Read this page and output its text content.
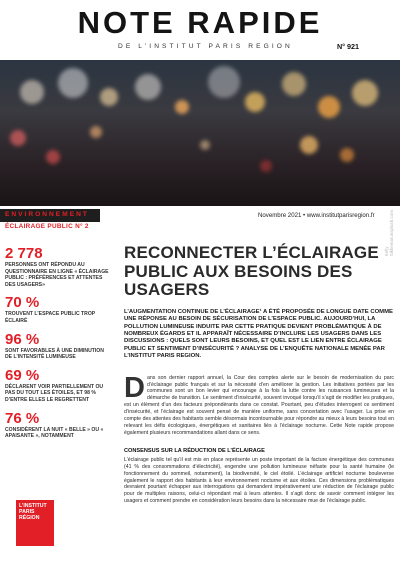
NOTE RAPIDE
DE L’INSTITUT PARIS REGION	N° 921
Kelly Sikkema/unsplash.com
ENVIRONNEMENT	Novembre 2021 • www.institutparisregion.fr
ÉCLAIRAGE PUBLIC N° 2
2 778
PERSONNES ONT RÉPONDU AU QUESTIONNAIRE EN LIGNE « ÉCLAIRAGE PUBLIC : PRÉFÉRENCES ET ATTENTES DES USAGERS»
70 %
TROUVENT L’ESPACE PUBLIC TROP ÉCLAIRÉ
96 %
SONT FAVORABLES À UNE DIMINUTION DE L’INTENSITÉ LUMINEUSE
69 %
DÉCLARENT VOIR PARTIELLEMENT OU PAS DU TOUT LES ÉTOILES, ET 98 % D’ENTRE ELLES LE REGRETTENT
76 %
CONSIDÈRENT LA NUIT « BELLE » OU « APAISANTE », NOTAMMENT
L’INSTITUT
PARIS
RÉGION
RECONNECTER L’ÉCLAIRAGE PUBLIC AUX BESOINS DES USAGERS
L’AUGMENTATION CONTINUE DE L’ÉCLAIRAGE¹ A ÉTÉ PROPOSÉE DE LONGUE DATE COMME UNE RÉPONSE AU BESOIN DE SÉCURISATION DE L’ESPACE PUBLIC. AUJOURD’HUI, LA POLLUTION LUMINEUSE INDUITE PAR CETTE PRATIQUE DEVIENT PROBLÉMATIQUE À DE NOMBREUX ÉGARDS ET IL APPARAÎT NÉCESSAIRE D’INCLURE LES USAGERS DANS LES DISCUSSIONS : QUELS SONT LEURS BESOINS, ET QUEL EST LE LIEN ENTRE ÉCLAIRAGE PUBLIC ET SENTIMENT D’INSÉCURITÉ ? ANALYSE DE L’ENQUÊTE NATIONALE MENÉE PAR L’INSTITUT PARIS REGION.
Dans son dernier rapport annuel, la Cour des comptes alerte sur le besoin de modernisation du parc d’éclairage public français et sur la nécessité d’en améliorer la gestion. Les initiatives portées par les communes sont un bon levier qui encourage à la fois la lutte contre les nuisances lumineuses et la démarche de transition. Le sentiment d’insécurité, souvent invoqué lorsqu’il s’agit de modifier les pratiques, est un élément d’un des facteurs prépondérants dans ce constat. Pourtant, peu d’études interrogent ce sentiment d’insécurité, et l’éclairage est souvent pensé de manière uniforme, sans concertation avec l’usager. La prise en compte des attentes des habitants semble désormais incontournable pour répondre au mieux à leurs besoins tout en relevant les défis écologiques, énergétiques et sanitaires liés à l’éclairage nocturne. Cette Note rapide propose également plusieurs recommandations allant dans ce sens.
CONSENSUS SUR LA RÉDUCTION DE L’ÉCLAIRAGE
L’éclairage public tel qu’il est mis en place représente un poste important de la facture énergétique des communes (41 % des consommations d’électricité), engendre une pollution lumineuse néfaste pour la santé humaine (le fonctionnement du sommeil, notamment), la biodiversité, le ciel étoilé. L’éclairage artificiel nocturne bouleverse également le rapport des habitants à leur environnement nocturne et aux étoiles. Ces dimensions problématiques devraient pourtant échapper aux interrogations qui demandent impérativement une réduction de l’éclairage public pour de multiples raisons, celui-ci répondant mal à leurs attentes. Il s’agit donc de savoir comment intégrer les usagers et comment prendre en considération leurs besoins dans la nécessaire mue de l’éclairage public.
